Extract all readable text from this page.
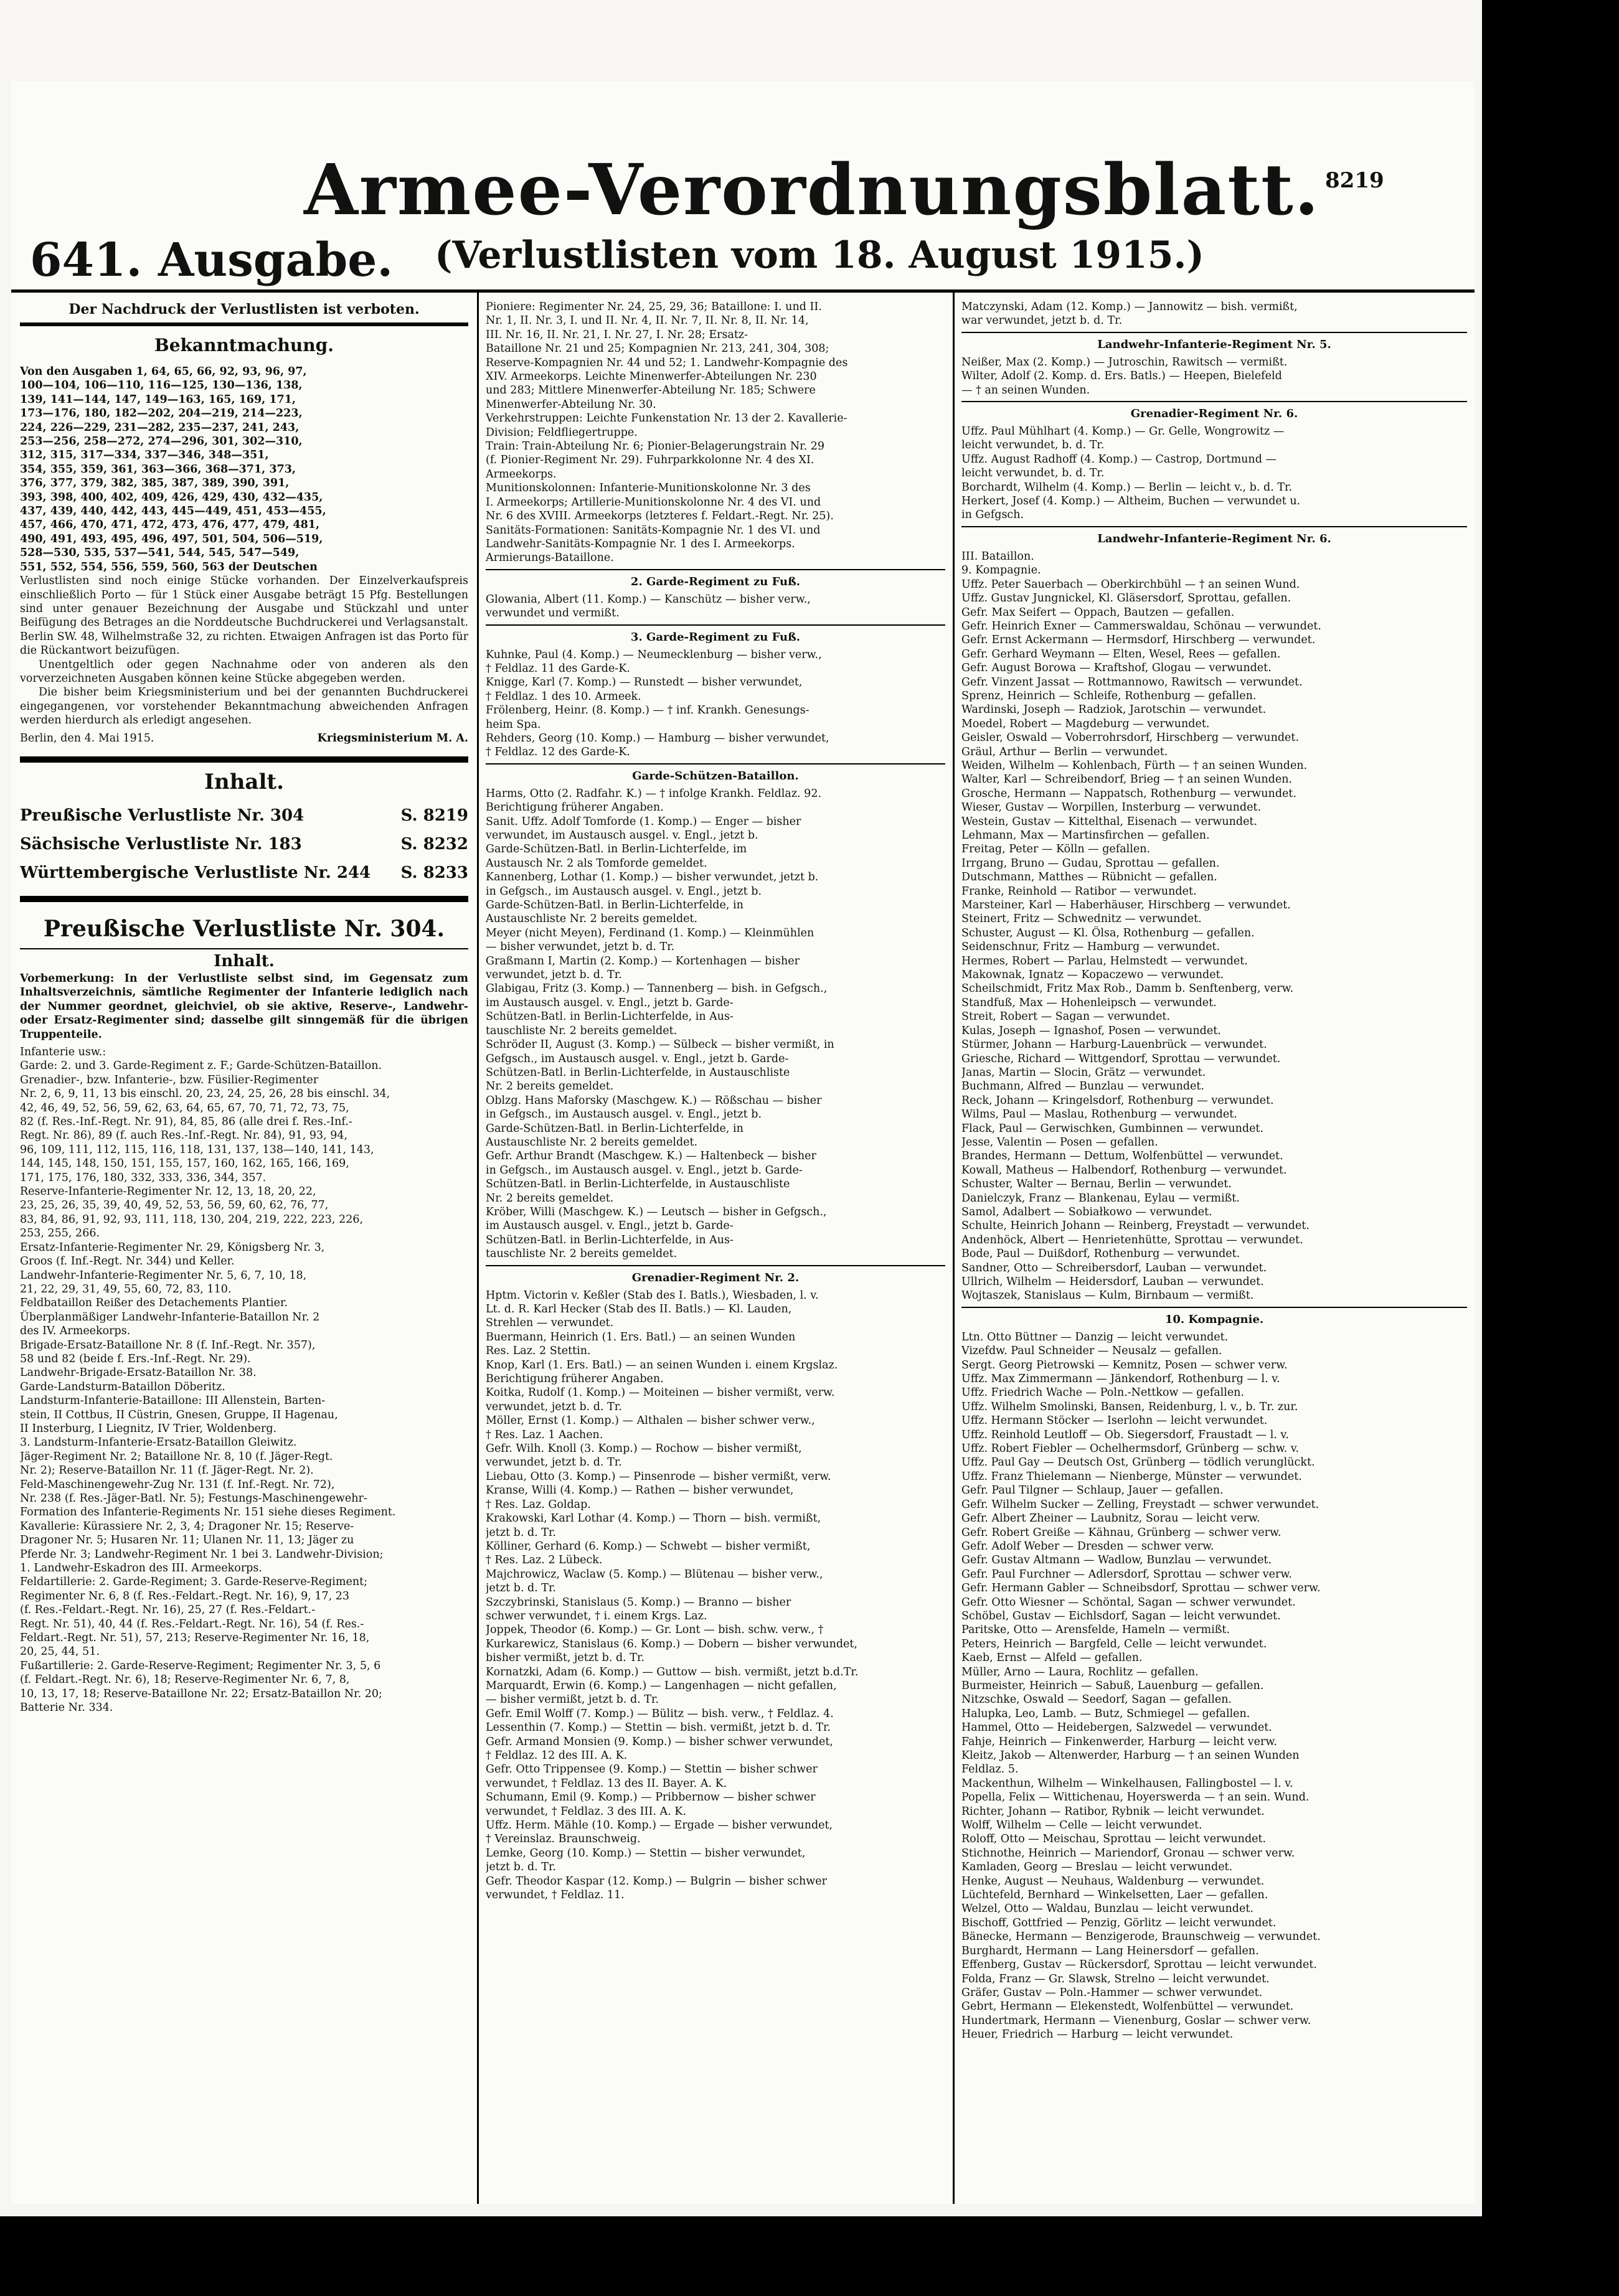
Armee-Verordnungsblatt.
641. Ausgabe. (Verlustlisten vom 18. August 1915.)
8219
Der Nachdruck der Verlustlisten ist verboten.
Bekanntmachung.

Von den Ausgaben 1, 64, 65, 66, 92, 93, 96, 97,

100—104, 106—110, 116—125, 130—136, 138,

139, 141—144, 147, 149—163, 165, 169, 171,

173—176, 180, 182—202, 204—219, 214—223,

224, 226—229, 231—282, 235—237, 241, 243,

253—256, 258—272, 274—296, 301, 302—310,

312, 315, 317—334, 337—346, 348—351,

354, 355, 359, 361, 363—366, 368—371, 373,

376, 377, 379, 382, 385, 387, 389, 390, 391,

393, 398, 400, 402, 409, 426, 429, 430, 432—435,

437, 439, 440, 442, 443, 445—449, 451, 453—455,

457, 466, 470, 471, 472, 473, 476, 477, 479, 481,

490, 491, 493, 495, 496, 497, 501, 504, 506—519,

528—530, 535, 537—541, 544, 545, 547—549,

551, 552, 554, 556, 559, 560, 563 der Deutschen

Verlustlisten sind noch einige Stücke vorhanden. Der Einzelverkaufspreis einschließlich Porto — für 1 Stück einer Ausgabe beträgt 15 Pfg. Bestellungen sind unter genauer Bezeichnung der Ausgabe und Stückzahl und unter Beifügung des Betrages an die Norddeutsche Buchdruckerei und Verlagsanstalt. Berlin SW. 48, Wilhelmstraße 32, zu richten. Etwaigen Anfragen ist das Porto für die Rückantwort beizufügen.

Unentgeltlich oder gegen Nachnahme oder von anderen als den vorverzeichneten Ausgaben können keine Stücke abgegeben werden.

Die bisher beim Kriegsministerium und bei der genannten Buchdruckerei eingegangenen, vor vorstehender Bekanntmachung abweichenden Anfragen werden hierdurch als erledigt angesehen.

Berlin, den 4. Mai 1915.	Kriegsministerium M. A.
Inhalt.
Preußische Verlustliste Nr. 304	S. 8219
Sächsische Verlustliste Nr. 183	S. 8232
Württembergische Verlustliste Nr. 244 S. 8233
Preußische Verlustliste Nr. 304.
Inhalt.

Vorbemerkung: In der Verlustliste selbst sind, im Gegensatz zum Inhaltsverzeichnis, sämtliche Regimenter der Infanterie lediglich nach der Nummer geordnet, gleichviel, ob sie aktive, Reserve-, Landwehr- oder Ersatz-Regimenter sind; dasselbe gilt sinngemäß für die übrigen Truppenteile.

Infanterie usw.:

Garde: 2. und 3. Garde-Regiment z. F.; Garde-Schützen-Bataillon.

Grenadier-, bzw. Infanterie-, bzw. Füsilier-Regimenter

Nr. 2, 6, 9, 11, 13 bis einschl. 20, 23, 24, 25, 26, 28 bis einschl. 34,

42, 46, 49, 52, 56, 59, 62, 63, 64, 65, 67, 70, 71, 72, 73, 75,

82 (f. Res.-Inf.-Regt. Nr. 91), 84, 85, 86 (alle drei f. Res.-Inf.-

Regt. Nr. 86), 89 (f. auch Res.-Inf.-Regt. Nr. 84), 91, 93, 94,

96, 109, 111, 112, 115, 116, 118, 131, 137, 138—140, 141, 143,

144, 145, 148, 150, 151, 155, 157, 160, 162, 165, 166, 169,

171, 175, 176, 180, 332, 333, 336, 344, 357.

Reserve-Infanterie-Regimenter Nr. 12, 13, 18, 20, 22,

23, 25, 26, 35, 39, 40, 49, 52, 53, 56, 59, 60, 62, 76, 77,

83, 84, 86, 91, 92, 93, 111, 118, 130, 204, 219, 222, 223, 226,

253, 255, 266.

Ersatz-Infanterie-Regimenter Nr. 29, Königsberg Nr. 3,

Groos (f. Inf.-Regt. Nr. 344) und Keller.

Landwehr-Infanterie-Regimenter Nr. 5, 6, 7, 10, 18,

21, 22, 29, 31, 49, 55, 60, 72, 83, 110.

Feldbataillon Reißer des Detachements Plantier.

Überplanmäßiger Landwehr-Infanterie-Bataillon Nr. 2

des IV. Armeekorps.

Brigade-Ersatz-Bataillone Nr. 8 (f. Inf.-Regt. Nr. 357),

58 und 82 (beide f. Ers.-Inf.-Regt. Nr. 29).

Landwehr-Brigade-Ersatz-Bataillon Nr. 38.

Garde-Landsturm-Bataillon Döberitz.

Landsturm-Infanterie-Bataillone: III Allenstein, Barten-

stein, II Cottbus, II Cüstrin, Gnesen, Gruppe, II Hagenau,

II Insterburg, I Liegnitz, IV Trier, Woldenberg.

3. Landsturm-Infanterie-Ersatz-Bataillon Gleiwitz.

Jäger-Regiment Nr. 2; Bataillone Nr. 8, 10 (f. Jäger-Regt.

Nr. 2); Reserve-Bataillon Nr. 11 (f. Jäger-Regt. Nr. 2).

Feld-Maschinengewehr-Zug Nr. 131 (f. Inf.-Regt. Nr. 72),

Nr. 238 (f. Res.-Jäger-Batl. Nr. 5); Festungs-Maschinengewehr-

Formation des Infanterie-Regiments Nr. 151 siehe dieses Regiment.

Kavallerie: Kürassiere Nr. 2, 3, 4; Dragoner Nr. 15; Reserve-

Dragoner Nr. 5; Husaren Nr. 11; Ulanen Nr. 11, 13; Jäger zu

Pferde Nr. 3; Landwehr-Regiment Nr. 1 bei 3. Landwehr-Division;

1. Landwehr-Eskadron des III. Armeekorps.

Feldartillerie: 2. Garde-Regiment; 3. Garde-Reserve-Regiment;

Regimenter Nr. 6, 8 (f. Res.-Feldart.-Regt. Nr. 16), 9, 17, 23

(f. Res.-Feldart.-Regt. Nr. 16), 25, 27 (f. Res.-Feldart.-

Regt. Nr. 51), 40, 44 (f. Res.-Feldart.-Regt. Nr. 16), 54 (f. Res.-

Feldart.-Regt. Nr. 51), 57, 213; Reserve-Regimenter Nr. 16, 18,

20, 25, 44, 51.

Fußartillerie: 2. Garde-Reserve-Regiment; Regimenter Nr. 3, 5, 6

(f. Feldart.-Regt. Nr. 6), 18; Reserve-Regimenter Nr. 6, 7, 8,

10, 13, 17, 18; Reserve-Bataillone Nr. 22; Ersatz-Bataillon Nr. 20;

Batterie Nr. 334.

Pioniere: Regimenter Nr. 24, 25, 29, 36; Bataillone: I. und II.

Nr. 1, II. Nr. 3, I. und II. Nr. 4, II. Nr. 7, II. Nr. 8, II. Nr. 14,

III. Nr. 16, II. Nr. 21, I. Nr. 27, I. Nr. 28; Ersatz-

Bataillone Nr. 21 und 25; Kompagnien Nr. 213, 241, 304, 308;

Reserve-Kompagnien Nr. 44 und 52; 1. Landwehr-Kompagnie des

XIV. Armeekorps. Leichte Minenwerfer-Abteilungen Nr. 230

und 283; Mittlere Minenwerfer-Abteilung Nr. 185; Schwere

Minenwerfer-Abteilung Nr. 30.

Verkehrstruppen: Leichte Funkenstation Nr. 13 der 2. Kavallerie-

Division; Feldfliegertruppe.

Train: Train-Abteilung Nr. 6; Pionier-Belagerungstrain Nr. 29

(f. Pionier-Regiment Nr. 29). Fuhrparkkolonne Nr. 4 des XI.

Armeekorps.

Munitionskolonnen: Infanterie-Munitionskolonne Nr. 3 des

I. Armeekorps; Artillerie-Munitionskolonne Nr. 4 des VI. und

Nr. 6 des XVIII. Armeekorps (letzteres f. Feldart.-Regt. Nr. 25).

Sanitäts-Formationen: Sanitäts-Kompagnie Nr. 1 des VI. und

Landwehr-Sanitäts-Kompagnie Nr. 1 des I. Armeekorps.

Armierungs-Bataillone.

2. Garde-Regiment zu Fuß.

Glowania, Albert (11. Komp.) — Kanschütz — bisher verw.,

verwundet und vermißt.

3. Garde-Regiment zu Fuß.

Kuhnke, Paul (4. Komp.) — Neumecklenburg — bisher verw.,

† Feldlaz. 11 des Garde-K.

Knigge, Karl (7. Komp.) — Runstedt — bisher verwundet,

† Feldlaz. 1 des 10. Armeek.

Frölenberg, Heinr. (8. Komp.) — † inf. Krankh. Genesungs-

heim Spa.

Rehders, Georg (10. Komp.) — Hamburg — bisher verwundet,

† Feldlaz. 12 des Garde-K.

Garde-Schützen-Bataillon.

Harms, Otto (2. Radfahr. K.) — † infolge Krankh. Feldlaz. 92.

Berichtigung früherer Angaben.

Sanit. Uffz. Adolf Tomforde (1. Komp.) — Enger — bisher

verwundet, im Austausch ausgel. v. Engl., jetzt b.

Garde-Schützen-Batl. in Berlin-Lichterfelde, im

Austausch Nr. 2 als Tomforde gemeldet.

Kannenberg, Lothar (1. Komp.) — bisher verwundet, jetzt b.

in Gefgsch., im Austausch ausgel. v. Engl., jetzt b.

Garde-Schützen-Batl. in Berlin-Lichterfelde, in

Austauschliste Nr. 2 bereits gemeldet.

Meyer (nicht Meyen), Ferdinand (1. Komp.) — Kleinmühlen

— bisher verwundet, jetzt b. d. Tr.

Graßmann I, Martin (2. Komp.) — Kortenhagen — bisher

verwundet, jetzt b. d. Tr.

Glabigau, Fritz (3. Komp.) — Tannenberg — bish. in Gefgsch.,

im Austausch ausgel. v. Engl., jetzt b. Garde-

Schützen-Batl. in Berlin-Lichterfelde, in Aus-

tauschliste Nr. 2 bereits gemeldet.

Schröder II, August (3. Komp.) — Sülbeck — bisher vermißt, in

Gefgsch., im Austausch ausgel. v. Engl., jetzt b. Garde-

Schützen-Batl. in Berlin-Lichterfelde, in Austauschliste

Nr. 2 bereits gemeldet.

Oblzg. Hans Maforsky (Maschgew. K.) — Rößschau — bisher

in Gefgsch., im Austausch ausgel. v. Engl., jetzt b.

Garde-Schützen-Batl. in Berlin-Lichterfelde, in

Austauschliste Nr. 2 bereits gemeldet.

Gefr. Arthur Brandt (Maschgew. K.) — Haltenbeck — bisher

in Gefgsch., im Austausch ausgel. v. Engl., jetzt b. Garde-

Schützen-Batl. in Berlin-Lichterfelde, in Austauschliste

Nr. 2 bereits gemeldet.

Kröber, Willi (Maschgew. K.) — Leutsch — bisher in Gefgsch.,

im Austausch ausgel. v. Engl., jetzt b. Garde-

Schützen-Batl. in Berlin-Lichterfelde, in Aus-

tauschliste Nr. 2 bereits gemeldet.

Grenadier-Regiment Nr. 2.

Hptm. Victorin v. Keßler (Stab des I. Batls.), Wiesbaden, l. v.

Lt. d. R. Karl Hecker (Stab des II. Batls.) — Kl. Lauden,

Strehlen — verwundet.

Buermann, Heinrich (1. Ers. Batl.) — an seinen Wunden

Res. Laz. 2 Stettin.

Knop, Karl (1. Ers. Batl.) — an seinen Wunden i. einem Krgslaz.

Berichtigung früherer Angaben.

Koitka, Rudolf (1. Komp.) — Moiteinen — bisher vermißt, verw.

verwundet, jetzt b. d. Tr.

Möller, Ernst (1. Komp.) — Althalen — bisher schwer verw.,

† Res. Laz. 1 Aachen.

Gefr. Wilh. Knoll (3. Komp.) — Rochow — bisher vermißt,

verwundet, jetzt b. d. Tr.

Liebau, Otto (3. Komp.) — Pinsenrode — bisher vermißt, verw.

Kranse, Willi (4. Komp.) — Rathen — bisher verwundet,

† Res. Laz. Goldap.

Krakowski, Karl Lothar (4. Komp.) — Thorn — bish. vermißt,

jetzt b. d. Tr.

Kölliner, Gerhard (6. Komp.) — Schwebt — bisher vermißt,

† Res. Laz. 2 Lübeck.

Majchrowicz, Waclaw (5. Komp.) — Blütenau — bisher verw.,

jetzt b. d. Tr.

Szczybrinski, Stanislaus (5. Komp.) — Branno — bisher

schwer verwundet, † i. einem Krgs. Laz.

Joppek, Theodor (6. Komp.) — Gr. Lont — bish. schw. verw., †

Kurkarewicz, Stanislaus (6. Komp.) — Dobern — bisher verwundet,

bisher vermißt, jetzt b. d. Tr.

Kornatzki, Adam (6. Komp.) — Guttow — bish. vermißt, jetzt b.d.Tr.

Marquardt, Erwin (6. Komp.) — Langenhagen — nicht gefallen,

— bisher vermißt, jetzt b. d. Tr.

Gefr. Emil Wolff (7. Komp.) — Bülitz — bish. verw., † Feldlaz. 4.

Lessenthin (7. Komp.) — Stettin — bish. vermißt, jetzt b. d. Tr.

Gefr. Armand Monsien (9. Komp.) — bisher schwer verwundet,

† Feldlaz. 12 des III. A. K.

Gefr. Otto Trippensee (9. Komp.) — Stettin — bisher schwer

verwundet, † Feldlaz. 13 des II. Bayer. A. K.

Schumann, Emil (9. Komp.) — Pribbernow — bisher schwer

verwundet, † Feldlaz. 3 des III. A. K.

Uffz. Herm. Mähle (10. Komp.) — Ergade — bisher verwundet,

† Vereinslaz. Braunschweig.

Lemke, Georg (10. Komp.) — Stettin — bisher verwundet,

jetzt b. d. Tr.

Gefr. Theodor Kaspar (12. Komp.) — Bulgrin — bisher schwer

verwundet, † Feldlaz. 11.

Matczynski, Adam (12. Komp.) — Jannowitz — bish. vermißt,

war verwundet, jetzt b. d. Tr.

Landwehr-Infanterie-Regiment Nr. 5.

Neißer, Max (2. Komp.) — Jutroschin, Rawitsch — vermißt.

Wilter, Adolf (2. Komp. d. Ers. Batls.) — Heepen, Bielefeld

— † an seinen Wunden.

Grenadier-Regiment Nr. 6.

Uffz. Paul Mühlhart (4. Komp.) — Gr. Gelle, Wongrowitz —

leicht verwundet, b. d. Tr.

Uffz. August Radhoff (4. Komp.) — Castrop, Dortmund —

leicht verwundet, b. d. Tr.

Borchardt, Wilhelm (4. Komp.) — Berlin — leicht v., b. d. Tr.

Herkert, Josef (4. Komp.) — Altheim, Buchen — verwundet u.

in Gefgsch.

Landwehr-Infanterie-Regiment Nr. 6.

III. Bataillon.

9. Kompagnie.

Uffz. Peter Sauerbach — Oberkirchbühl — † an seinen Wund.

Uffz. Gustav Jungnickel, Kl. Gläsersdorf, Sprottau, gefallen.

Gefr. Max Seifert — Oppach, Bautzen — gefallen.

Gefr. Heinrich Exner — Cammerswaldau, Schönau — verwundet.

Gefr. Ernst Ackermann — Hermsdorf, Hirschberg — verwundet.

Gefr. Gerhard Weymann — Elten, Wesel, Rees — gefallen.

Gefr. August Borowa — Kraftshof, Glogau — verwundet.

Gefr. Vinzent Jassat — Rottmannowo, Rawitsch — verwundet.

Sprenz, Heinrich — Schleife, Rothenburg — gefallen.

Wardinski, Joseph — Radziok, Jarotschin — verwundet.

Moedel, Robert — Magdeburg — verwundet.

Geisler, Oswald — Voberrohrsdorf, Hirschberg — verwundet.

Gräul, Arthur — Berlin — verwundet.

Weiden, Wilhelm — Kohlenbach, Fürth — † an seinen Wunden.

Walter, Karl — Schreibendorf, Brieg — † an seinen Wunden.

Grosche, Hermann — Nappatsch, Rothenburg — verwundet.

Wieser, Gustav — Worpillen, Insterburg — verwundet.

Westein, Gustav — Kittelthal, Eisenach — verwundet.

Lehmann, Max — Martinsfirchen — gefallen.

Freitag, Peter — Kölln — gefallen.

Irrgang, Bruno — Gudau, Sprottau — gefallen.

Dutschmann, Matthes — Rübnicht — gefallen.

Franke, Reinhold — Ratibor — verwundet.

Marsteiner, Karl — Haberhäuser, Hirschberg — verwundet.

Steinert, Fritz — Schwednitz — verwundet.

Schuster, August — Kl. Ölsa, Rothenburg — gefallen.

Seidenschnur, Fritz — Hamburg — verwundet.

Hermes, Robert — Parlau, Helmstedt — verwundet.

Makownak, Ignatz — Kopaczewo — verwundet.

Scheilschmidt, Fritz Max Rob., Damm b. Senftenberg, verw.

Standfuß, Max — Hohenleipsch — verwundet.

Streit, Robert — Sagan — verwundet.

Kulas, Joseph — Ignashof, Posen — verwundet.

Stürmer, Johann — Harburg-Lauenbrück — verwundet.

Griesche, Richard — Wittgendorf, Sprottau — verwundet.

Janas, Martin — Slocin, Grätz — verwundet.

Buchmann, Alfred — Bunzlau — verwundet.

Reck, Johann — Kringelsdorf, Rothenburg — verwundet.

Wilms, Paul — Maslau, Rothenburg — verwundet.

Flack, Paul — Gerwischken, Gumbinnen — verwundet.

Jesse, Valentin — Posen — gefallen.

Brandes, Hermann — Dettum, Wolfenbüttel — verwundet.

Kowall, Matheus — Halbendorf, Rothenburg — verwundet.

Schuster, Walter — Bernau, Berlin — verwundet.

Danielczyk, Franz — Blankenau, Eylau — vermißt.

Samol, Adalbert — Sobiałkowo — verwundet.

Schulte, Heinrich Johann — Reinberg, Freystadt — verwundet.

Andenhöck, Albert — Henrietenhütte, Sprottau — verwundet.

Bode, Paul — Duißdorf, Rothenburg — verwundet.

Sandner, Otto — Schreibersdorf, Lauban — verwundet.

Ullrich, Wilhelm — Heidersdorf, Lauban — verwundet.

Wojtaszek, Stanislaus — Kulm, Birnbaum — vermißt.

10. Kompagnie.

Ltn. Otto Büttner — Danzig — leicht verwundet.

Vizefdw. Paul Schneider — Neusalz — gefallen.

Sergt. Georg Pietrowski — Kemnitz, Posen — schwer verw.

Uffz. Max Zimmermann — Jänkendorf, Rothenburg — l. v.

Uffz. Friedrich Wache — Poln.-Nettkow — gefallen.

Uffz. Wilhelm Smolinski, Bansen, Reidenburg, l. v., b. Tr. zur.

Uffz. Hermann Stöcker — Iserlohn — leicht verwundet.

Uffz. Reinhold Leutloff — Ob. Siegersdorf, Fraustadt — l. v.

Uffz. Robert Fiebler — Ochelhermsdorf, Grünberg — schw. v.

Uffz. Paul Gay — Deutsch Ost, Grünberg — tödlich verunglückt.

Uffz. Franz Thielemann — Nienberge, Münster — verwundet.

Gefr. Paul Tilgner — Schlaup, Jauer — gefallen.

Gefr. Wilhelm Sucker — Zelling, Freystadt — schwer verwundet.

Gefr. Albert Zheiner — Laubnitz, Sorau — leicht verw.

Gefr. Robert Greiße — Kähnau, Grünberg — schwer verw.

Gefr. Adolf Weber — Dresden — schwer verw.

Gefr. Gustav Altmann — Wadlow, Bunzlau — verwundet.

Gefr. Paul Furchner — Adlersdorf, Sprottau — schwer verw.

Gefr. Hermann Gabler — Schneibsdorf, Sprottau — schwer verw.

Gefr. Otto Wiesner — Schöntal, Sagan — schwer verwundet.

Schöbel, Gustav — Eichlsdorf, Sagan — leicht verwundet.

Paritske, Otto — Arensfelde, Hameln — vermißt.

Peters, Heinrich — Bargfeld, Celle — leicht verwundet.

Kaeb, Ernst — Alfeld — gefallen.

Müller, Arno — Laura, Rochlitz — gefallen.

Burmeister, Heinrich — Sabuß, Lauenburg — gefallen.

Nitzschke, Oswald — Seedorf, Sagan — gefallen.

Halupka, Leo, Lamb. — Butz, Schmiegel — gefallen.

Hammel, Otto — Heidebergen, Salzwedel — verwundet.

Fahje, Heinrich — Finkenwerder, Harburg — leicht verw.

Kleitz, Jakob — Altenwerder, Harburg — † an seinen Wunden

Feldlaz. 5.

Mackenthun, Wilhelm — Winkelhausen, Fallingbostel — l. v.

Popella, Felix — Wittichenau, Hoyerswerda — † an sein. Wund.

Richter, Johann — Ratibor, Rybnik — leicht verwundet.

Wolff, Wilhelm — Celle — leicht verwundet.

Roloff, Otto — Meischau, Sprottau — leicht verwundet.

Stichnothe, Heinrich — Mariendorf, Gronau — schwer verw.

Kamladen, Georg — Breslau — leicht verwundet.

Henke, August — Neuhaus, Waldenburg — verwundet.

Lüchtefeld, Bernhard — Winkelsetten, Laer — gefallen.

Welzel, Otto — Waldau, Bunzlau — leicht verwundet.

Bischoff, Gottfried — Penzig, Görlitz — leicht verwundet.

Bänecke, Hermann — Benzigerode, Braunschweig — verwundet.

Burghardt, Hermann — Lang Heinersdorf — gefallen.

Effenberg, Gustav — Rückersdorf, Sprottau — leicht verwundet.

Folda, Franz — Gr. Slawsk, Strelno — leicht verwundet.

Gräfer, Gustav — Poln.-Hammer — schwer verwundet.

Gebrt, Hermann — Elekenstedt, Wolfenbüttel — verwundet.

Hundertmark, Hermann — Vienenburg, Goslar — schwer verw.

Heuer, Friedrich — Harburg — leicht verwundet.
